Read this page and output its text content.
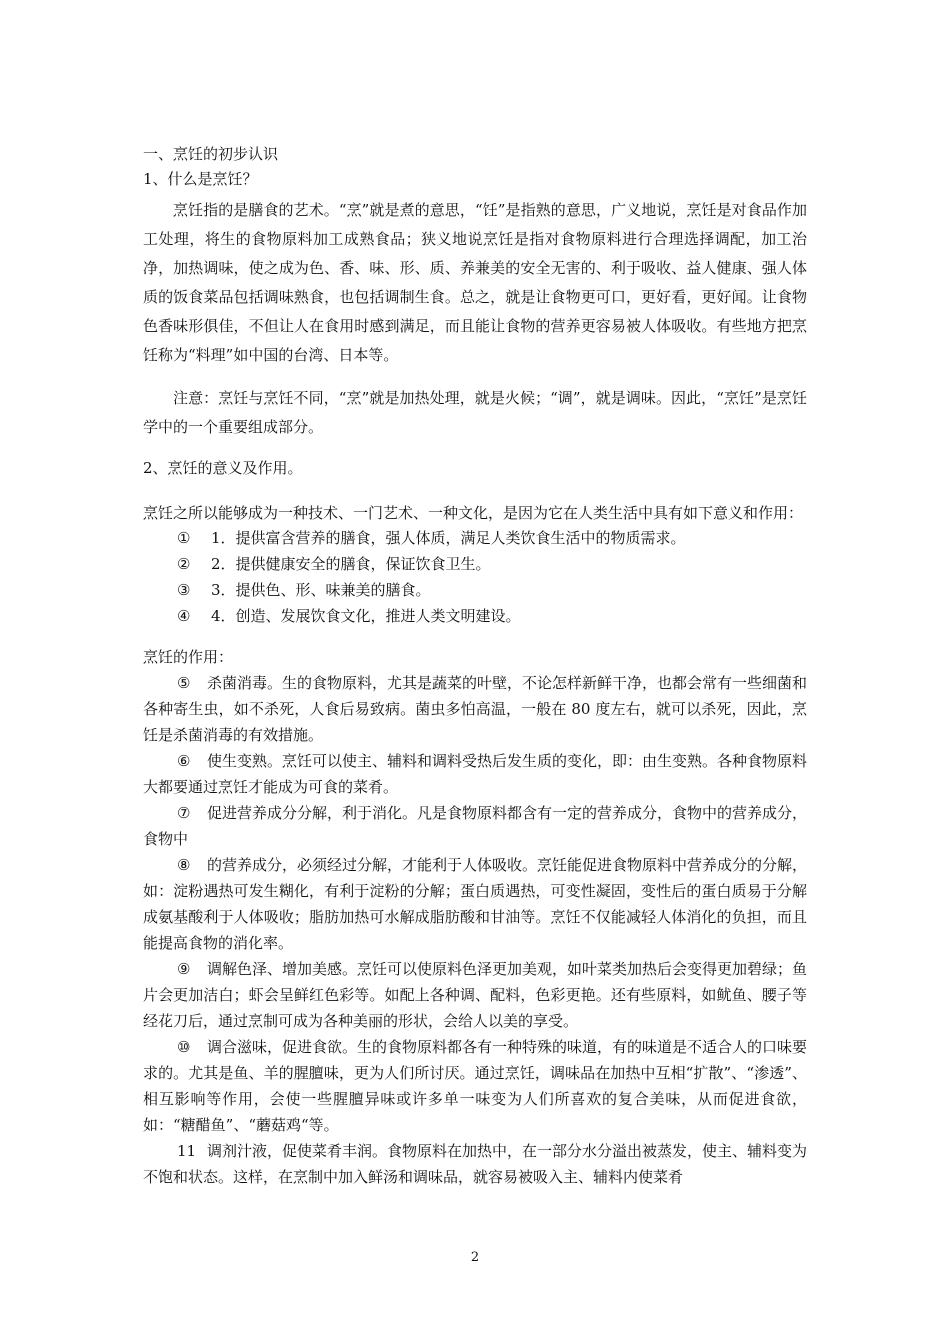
一、烹饪的初步认识
1、什么是烹饪？
烹饪指的是膳食的艺术。“烹”就是煮的意思，“饪”是指熟的意思，广义地说，烹饪是对食品作加工处理，将生的食物原料加工成熟食品；狭义地说烹饪是指对食物原料进行合理选择调配，加工治净，加热调味，使之成为色、香、味、形、质、养兼美的安全无害的、利于吸收、益人健康、强人体质的饭食菜品包括调味熟食，也包括调制生食。总之，就是让食物更可口，更好看，更好闻。让食物色香味形俱佳，不但让人在食用时感到满足，而且能让食物的营养更容易被人体吸收。有些地方把烹饪称为“料理”如中国的台湾、日本等。
注意：烹饪与烹饪不同，“烹”就是加热处理，就是火候；“调”，就是调味。因此，“烹饪”是烹饪学中的一个重要组成部分。
2、烹饪的意义及作用。
烹饪之所以能够成为一种技术、一门艺术、一种文化，是因为它在人类生活中具有如下意义和作用：
① 1．提供富含营养的膳食，强人体质，满足人类饮食生活中的物质需求。
② 2．提供健康安全的膳食，保证饮食卫生。
③ 3．提供色、形、味兼美的膳食。
④ 4．创造、发展饮食文化，推进人类文明建设。
烹饪的作用：
⑤ 杀菌消毒。生的食物原料，尤其是蔬菜的叶壁，不论怎样新鲜干净，也都会常有一些细菌和各种寄生虫，如不杀死，人食后易致病。菌虫多怕高温，一般在 80 度左右，就可以杀死，因此，烹饪是杀菌消毒的有效措施。
⑥ 使生变熟。烹饪可以使主、辅料和调料受热后发生质的变化，即：由生变熟。各种食物原料大都要通过烹饪才能成为可食的菜肴。
⑦ 促进营养成分分解，利于消化。凡是食物原料都含有一定的营养成分，食物中的营养成分，食物中
⑧ 的营养成分，必须经过分解，才能利于人体吸收。烹饪能促进食物原料中营养成分的分解，如：淀粉遇热可发生糊化，有利于淀粉的分解；蛋白质遇热，可变性凝固，变性后的蛋白质易于分解成氨基酸利于人体吸收；脂肪加热可水解成脂肪酸和甘油等。烹饪不仅能减轻人体消化的负担，而且能提高食物的消化率。
⑨ 调解色泽、增加美感。烹饪可以使原料色泽更加美观，如叶菜类加热后会变得更加碧绿；鱼片会更加洁白；虾会呈鲜红色彩等。如配上各种调、配料，色彩更艳。还有些原料，如鱿鱼、腰子等经花刀后，通过烹制可成为各种美丽的形状，会给人以美的享受。
⑩ 调合滋味，促进食欲。生的食物原料都各有一种特殊的味道，有的味道是不适合人的口味要求的。尤其是鱼、羊的腥膻味，更为人们所讨厌。通过烹饪，调味品在加热中互相“扩散”、“渗透”、相互影响等作用，会使一些腥膻异味或许多单一味变为人们所喜欢的复合美味，从而促进食欲，如：“糖醋鱼”、“蘑菇鸡“等。
11 调剂汁液，促使菜肴丰润。食物原料在加热中，在一部分水分溢出被蒸发，使主、辅料变为不饱和状态。这样，在烹制中加入鲜汤和调味品，就容易被吸入主、辅料内使菜肴
2
